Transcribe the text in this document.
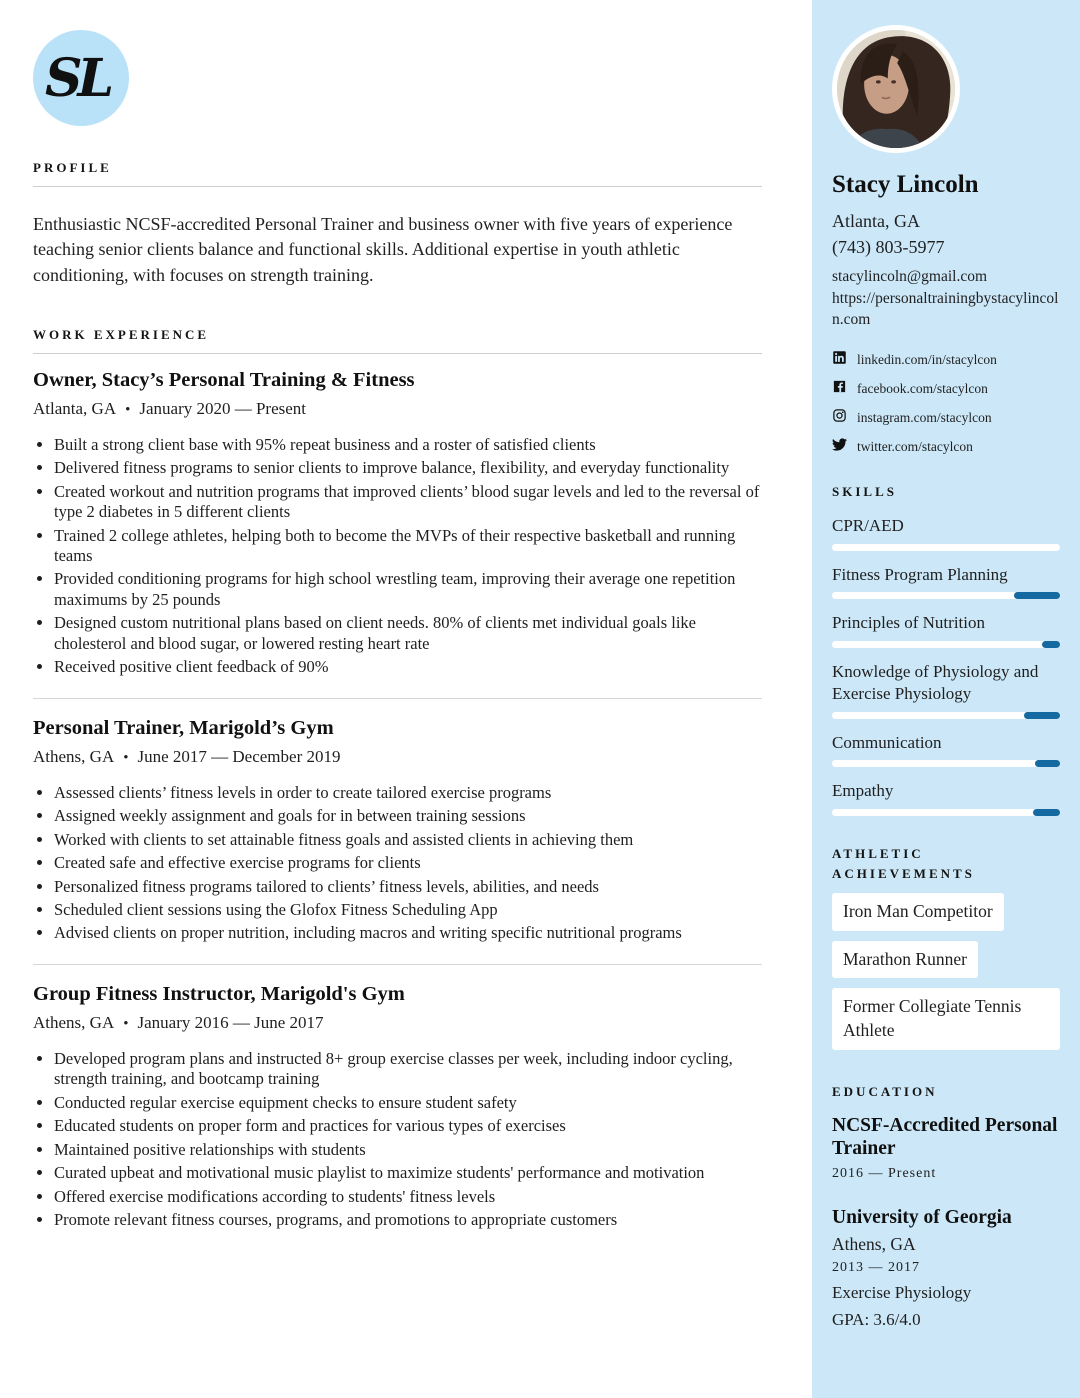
SL
PROFILE

Enthusiastic NCSF-accredited Personal Trainer and business owner with five years of experience teaching senior clients balance and functional skills. Additional expertise in youth athletic conditioning, with focuses on strength training.

WORK EXPERIENCE
Owner, Stacy’s Personal Training & Fitness

Atlanta, GA • January 2020 — Present

• Built a strong client base with 95% repeat business and a roster of satisfied clients
• Delivered fitness programs to senior clients to improve balance, flexibility, and everyday functionality
• Created workout and nutrition programs that improved clients’ blood sugar levels and led to the reversal of type 2 diabetes in 5 different clients
• Trained 2 college athletes, helping both to become the MVPs of their respective basketball and running teams
• Provided conditioning programs for high school wrestling team, improving their average one repetition maximums by 25 pounds
• Designed custom nutritional plans based on client needs. 80% of clients met individual goals like cholesterol and blood sugar, or lowered resting heart rate
• Received positive client feedback of 90%
Personal Trainer, Marigold’s Gym

Athens, GA • June 2017 — December 2019

• Assessed clients’ fitness levels in order to create tailored exercise programs
• Assigned weekly assignment and goals for in between training sessions
• Worked with clients to set attainable fitness goals and assisted clients in achieving them
• Created safe and effective exercise programs for clients
• Personalized fitness programs tailored to clients’ fitness levels, abilities, and needs
• Scheduled client sessions using the Glofox Fitness Scheduling App
• Advised clients on proper nutrition, including macros and writing specific nutritional programs
Group Fitness Instructor, Marigold's Gym

Athens, GA • January 2016 — June 2017

• Developed program plans and instructed 8+ group exercise classes per week, including indoor cycling, strength training, and bootcamp training
• Conducted regular exercise equipment checks to ensure student safety
• Educated students on proper form and practices for various types of exercises
• Maintained positive relationships with students
• Curated upbeat and motivational music playlist to maximize students' performance and motivation
• Offered exercise modifications according to students' fitness levels
• Promote relevant fitness courses, programs, and promotions to appropriate customers
Stacy Lincoln

Atlanta, GA

(743) 803-5977

stacylincoln@gmail.com
https://personaltrainingbystacylincoln.com
linkedin.com/in/stacylcon
facebook.com/stacylcon
instagram.com/stacylcon
twitter.com/stacylcon
SKILLS
CPR/AED
Fitness Program Planning
Principles of Nutrition
Knowledge of Physiology and Exercise Physiology
Communication
Empathy
ATHLETIC ACHIEVEMENTS
Iron Man Competitor
Marathon Runner
Former Collegiate Tennis Athlete
EDUCATION
NCSF-Accredited Personal Trainer

2016 — Present

University of Georgia

Athens, GA

2013 — 2017

Exercise Physiology

GPA: 3.6/4.0
